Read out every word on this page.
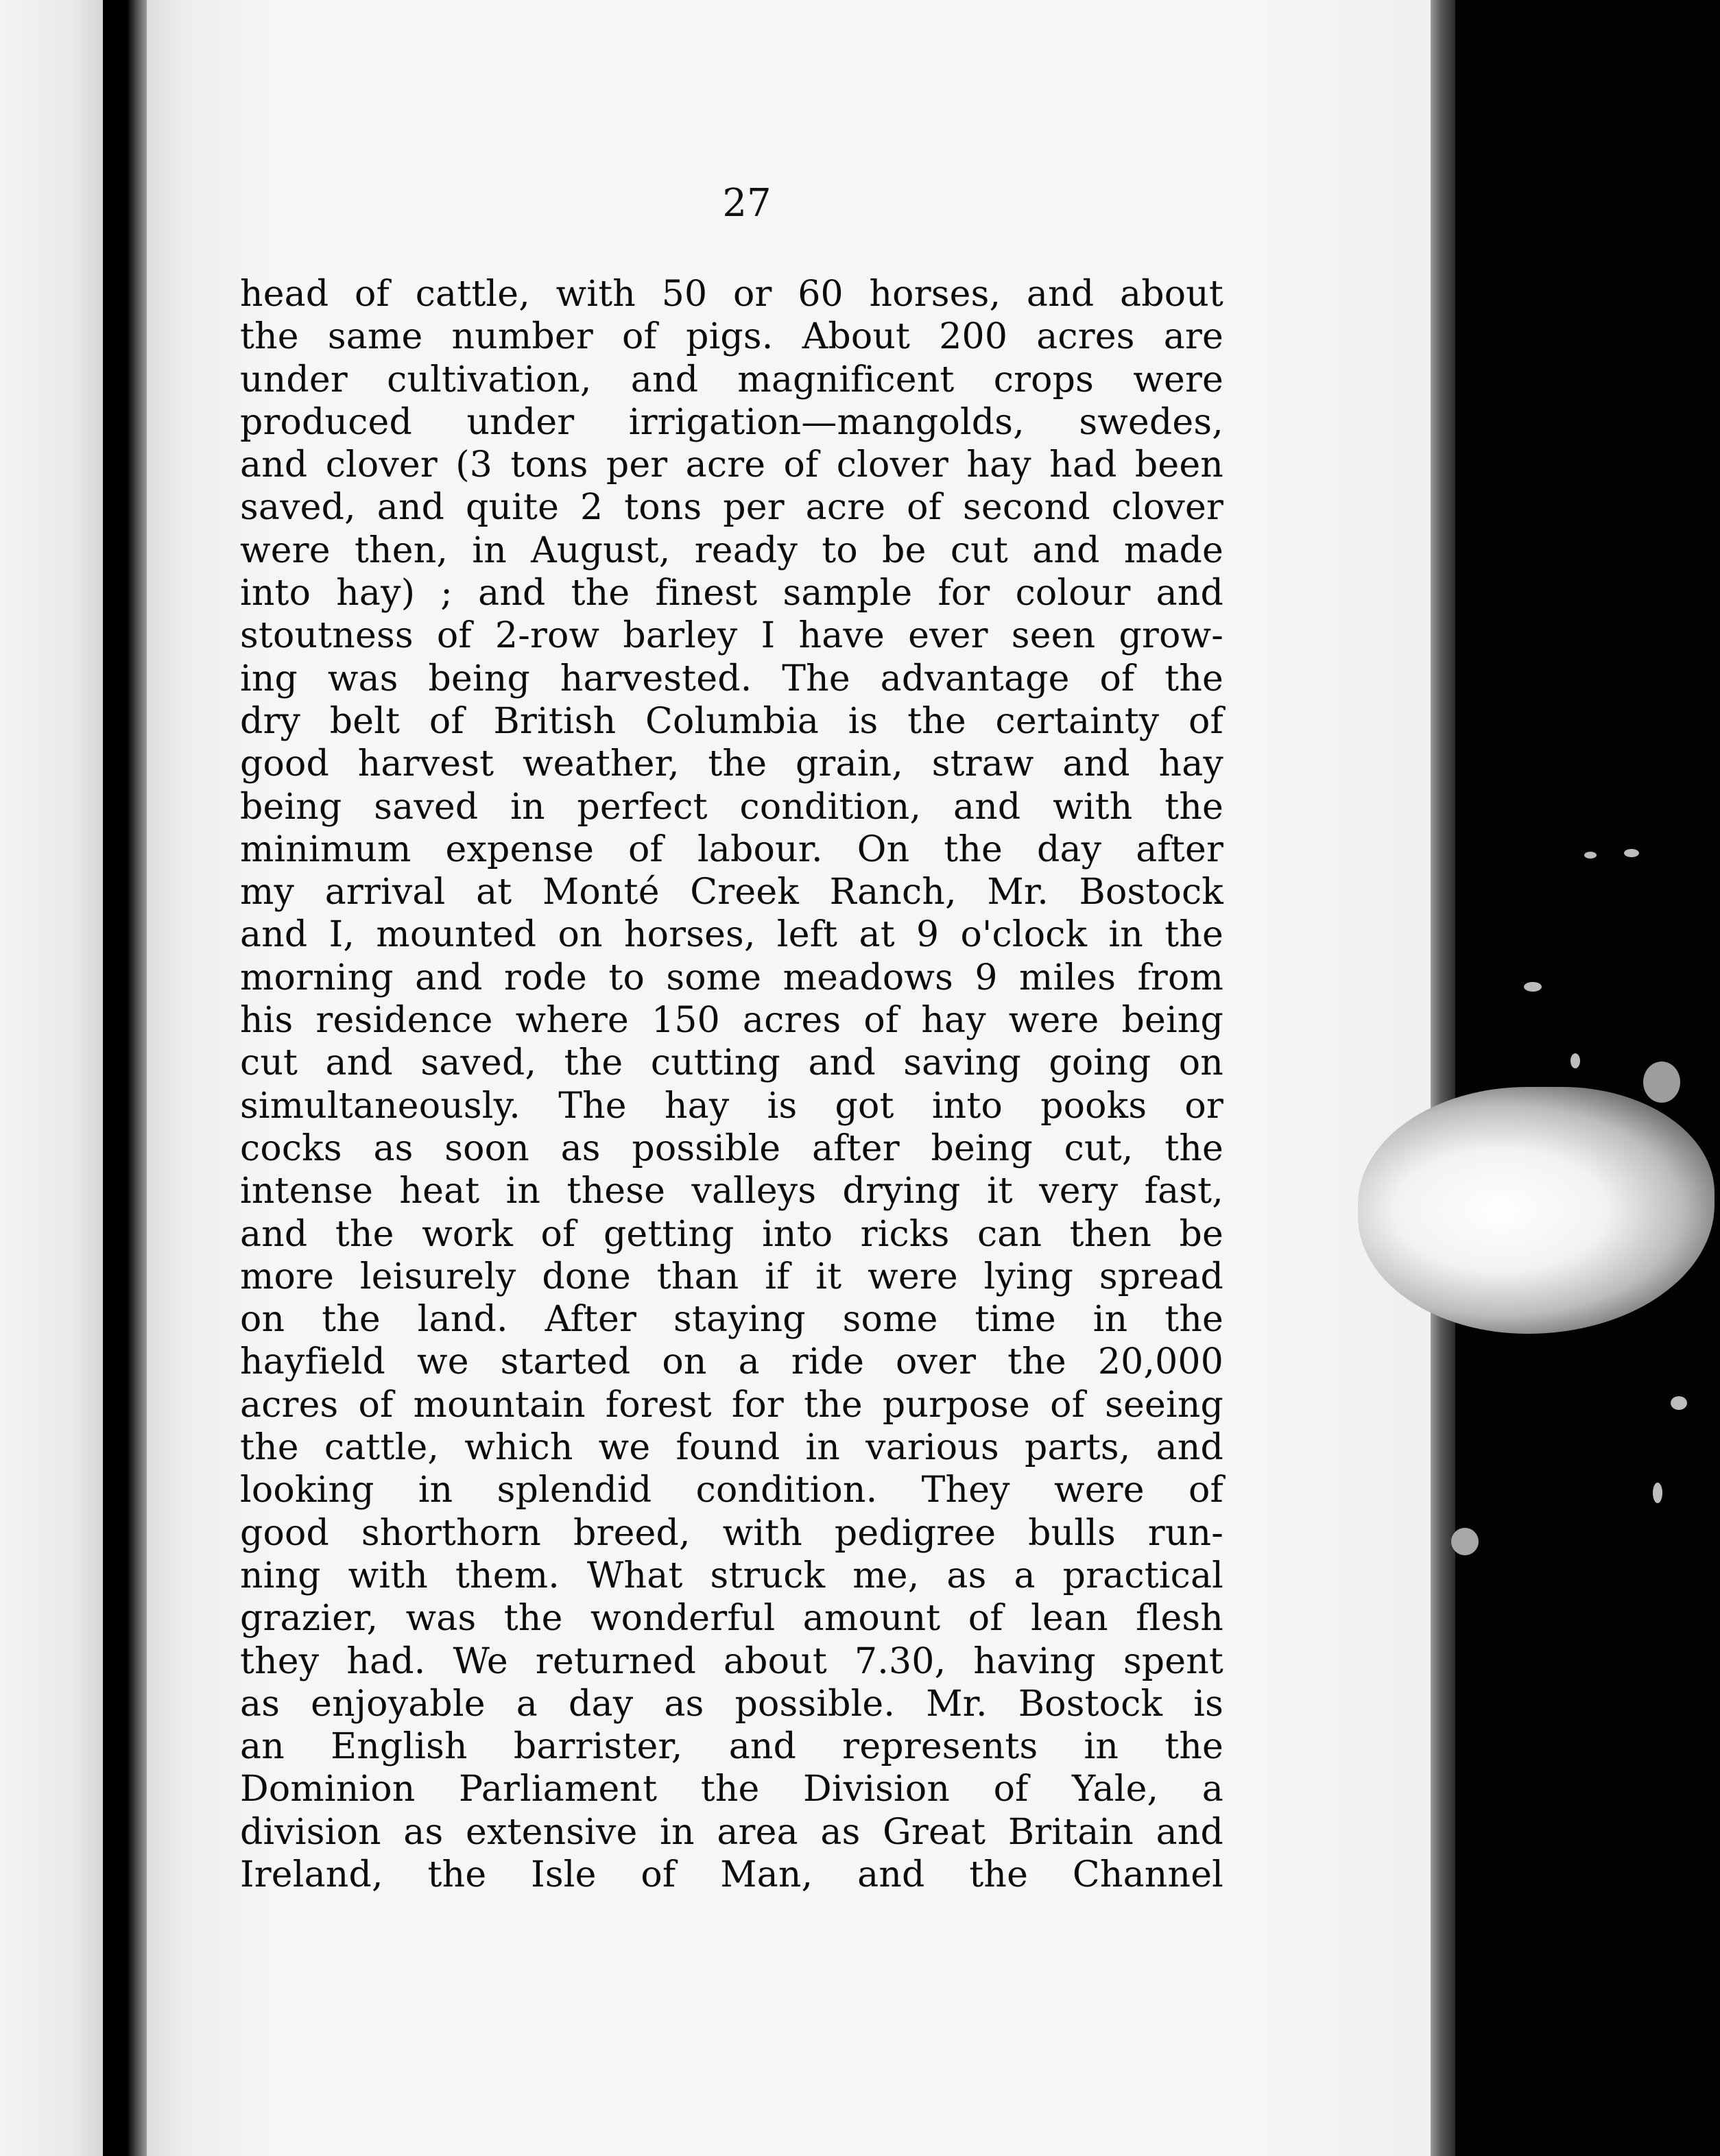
27
head of cattle, with 50 or 60 horses, and about
the same number of pigs. About 200 acres are
under cultivation, and magnificent crops were
produced under irrigation—mangolds, swedes,
and clover (3 tons per acre of clover hay had been
saved, and quite 2 tons per acre of second clover
were then, in August, ready to be cut and made
into hay) ; and the finest sample for colour and
stoutness of 2-row barley I have ever seen grow-
ing was being harvested. The advantage of the
dry belt of British Columbia is the certainty of
good harvest weather, the grain, straw and hay
being saved in perfect condition, and with the
minimum expense of labour. On the day after
my arrival at Monté Creek Ranch, Mr. Bostock
and I, mounted on horses, left at 9 o'clock in the
morning and rode to some meadows 9 miles from
his residence where 150 acres of hay were being
cut and saved, the cutting and saving going on
simultaneously. The hay is got into pooks or
cocks as soon as possible after being cut, the
intense heat in these valleys drying it very fast,
and the work of getting into ricks can then be
more leisurely done than if it were lying spread
on the land. After staying some time in the
hayfield we started on a ride over the 20,000
acres of mountain forest for the purpose of seeing
the cattle, which we found in various parts, and
looking in splendid condition. They were of
good shorthorn breed, with pedigree bulls run-
ning with them. What struck me, as a practical
grazier, was the wonderful amount of lean flesh
they had. We returned about 7.30, having spent
as enjoyable a day as possible. Mr. Bostock is
an English barrister, and represents in the
Dominion Parliament the Division of Yale, a
division as extensive in area as Great Britain and
Ireland, the Isle of Man, and the Channel
